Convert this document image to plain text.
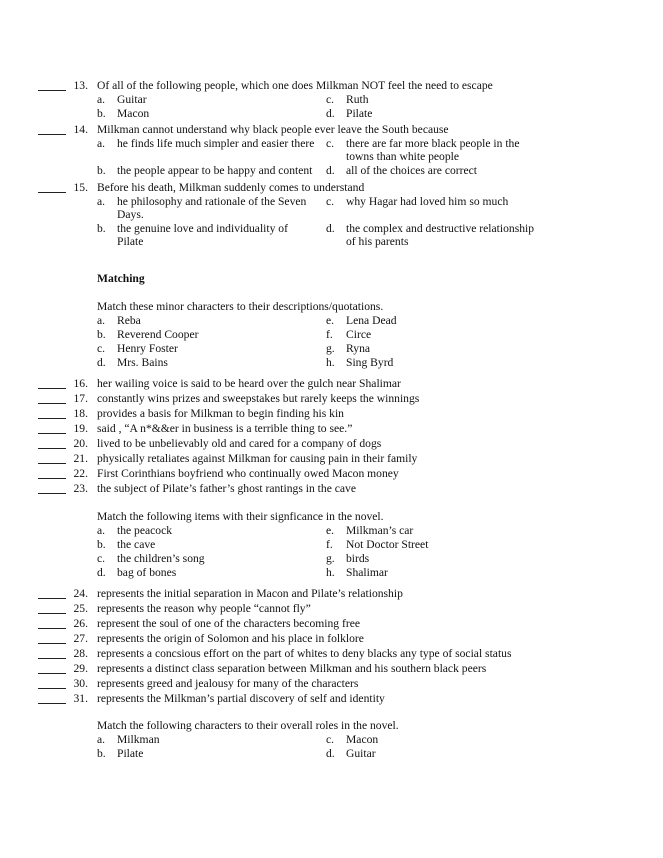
13. Of all of the following people, which one does Milkman NOT feel the need to escape
a. Guitar
b. Macon
c. Ruth
d. Pilate
14. Milkman cannot understand why black people ever leave the South because
a. he finds life much simpler and easier there
b. the people appear to be happy and content
c. there are far more black people in the
towns than white people
d. all of the choices are correct
15. Before his death, Milkman suddenly comes to understand
a. he philosophy and rationale of the Seven
Days.
b. the genuine love and individuality of
Pilate
c. why Hagar had loved him so much
d. the complex and destructive relationship
of his parents
Matching
Match these minor characters to their descriptions/quotations.
a. Reba
b. Reverend Cooper
c. Henry Foster
d. Mrs. Bains
e. Lena Dead
f. Circe
g. Ryna
h. Sing Byrd
16. her wailing voice is said to be heard over the gulch near Shalimar
17. constantly wins prizes and sweepstakes but rarely keeps the winnings
18. provides a basis for Milkman to begin finding his kin
19. said , “A n*&&er in business is a terrible thing to see.”
20. lived to be unbelievably old and cared for a company of dogs
21. physically retaliates against Milkman for causing pain in their family
22. First Corinthians boyfriend who continually owed Macon money
23. the subject of Pilate’s father’s ghost rantings in the cave
Match the following items with their signficance in the novel.
a. the peacock
b. the cave
c. the children’s song
d. bag of bones
e. Milkman’s car
f. Not Doctor Street
g. birds
h. Shalimar
24. represents the initial separation in Macon and Pilate’s relationship
25. represents the reason why people “cannot fly”
26. represent the soul of one of the characters becoming free
27. represents the origin of Solomon and his place in folklore
28. represents a concsious effort on the part of whites to deny blacks any type of social status
29. represents a distinct class separation between Milkman and his southern black peers
30. represents greed and jealousy for many of the characters
31. represents the Milkman’s partial discovery of self and identity
Match the following characters to their overall roles in the novel.
a. Milkman
b. Pilate
c. Macon
d. Guitar
